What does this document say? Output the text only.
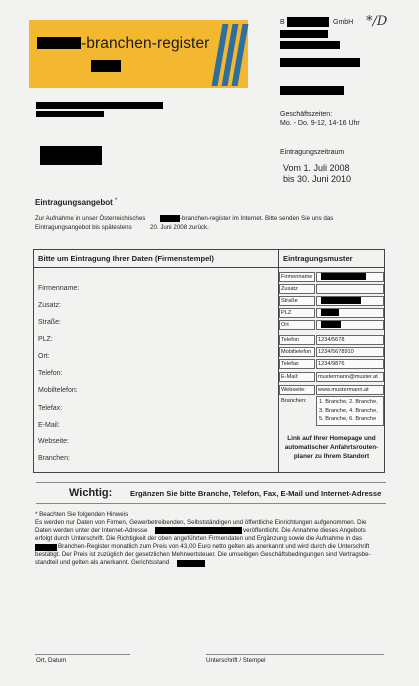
-branchen-register
*/D
B	GmbH
Geschäftszeiten:
Mo. - Do. 9-12, 14-16 Uhr
Eintragungszeitraum
Vom 1. Juli 2008
bis 30. Juni 2010
Eintragungsangebot *
Zur Aufnahme in unser Österreichisches	-branchen-register im Internet. Bitte senden Sie uns das
Eintragungsangebot bis spätestens	20. Juni 2008 zurück.
Bitte um Eintragung Ihrer Daten (Firmenstempel)	Eintragungsmuster
Firmenname:
Zusatz:
Straße:
PLZ:
Ort:
Telefon:
Mobiltelefon:
Telefax:
E-Mail:
Webseite:
Branchen:
Firmenname
Zusatz
Straße
PLZ
Ort
Telefon	1234/5678
Mobiltelefon	1234/5678910
Telefax	1234/9876
E-Mail:	mustermann@muster.at
Webseite:	www.mustermann.at
Branchen: 1. Branche, 2. Branche,
3. Branche, 4. Branche,
5. Branche, 6. Branche
Link auf Ihrer Homepage und
automatischer Anfahrtsrouten-
planer zu Ihrem Standort
Wichtig: Ergänzen Sie bitte Branche, Telefon, Fax, E-Mail und Internet-Adresse
* Beachten Sie folgenden Hinweis
Es werden nur Daten von Firmen, Gewerbetreibenden, Selbstständigen und öffentliche Einrichtungen aufgenommen. Die
Daten werden unter der Internet-Adresse	veröffentlicht. Die Annahme dieses Angebots
erfolgt durch Unterschrift. Die Richtigkeit der oben angeführten Firmendaten und Ergänzung sowie die Aufnahme in das
Branchen-Register monatlich zum Preis von 43,00 Euro netto gelten als anerkannt und wird durch die Unterschrift
bestätigt. Der Preis ist zuzüglich der gesetzlichen Mehrwertsteuer. Die umseitigen Geschäftsbedingungen sind Vertragsbe-
standteil und gelten als anerkannt. Gerichtsstand
Ort, Datum	Unterschrift / Stempel
